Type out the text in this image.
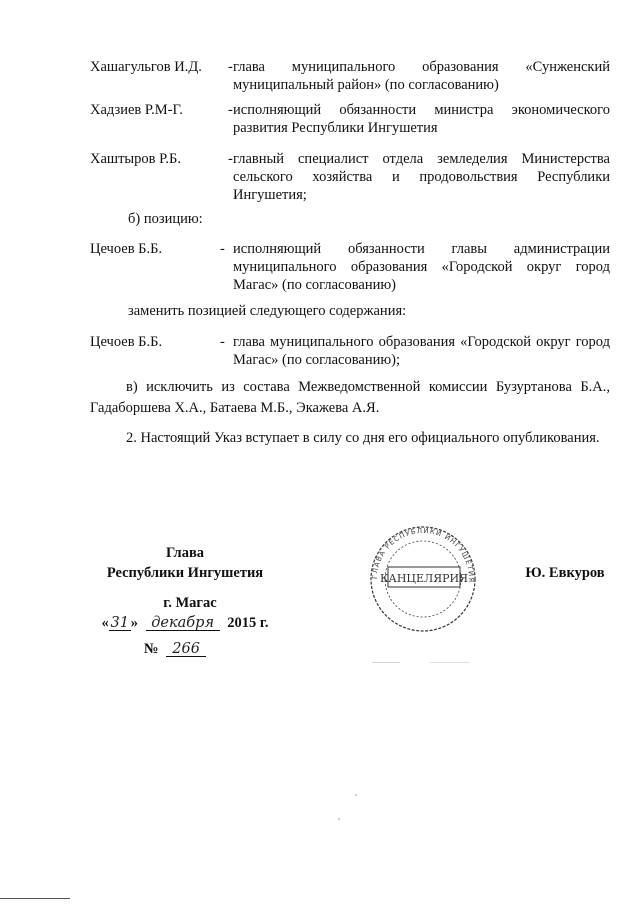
Хашагульгов И.Д.	- глава муниципального образования «Сунженский муниципальный район» (по согласованию)
Хадзиев Р.М-Г.	- исполняющий обязанности министра экономического развития Республики Ингушетия
Хаштыров Р.Б.	- главный специалист отдела земледелия Министерства сельского хозяйства и продовольствия Республики Ингушетия;
б) позицию:
Цечоев Б.Б.	- исполняющий обязанности главы администрации муниципального образования «Городской округ город Магас» (по согласованию)
заменить позицией следующего содержания:
Цечоев Б.Б.	- глава муниципального образования «Городской округ город Магас» (по согласованию);
в) исключить из состава Межведомственной комиссии Бузуртанова Б.А., Гадаборшева Х.А., Батаева М.Б., Экажева А.Я.
2. Настоящий Указ вступает в силу со дня его официального опубликования.
Глава
Республики Ингушетия	Ю. Евкуров
г. Магас
« 31 » декабря 2015 г.
№ 266
ГЛАВА РЕСПУБЛИКИ ИНГУШЕТИЯ
КАНЦЕЛЯРИЯ
